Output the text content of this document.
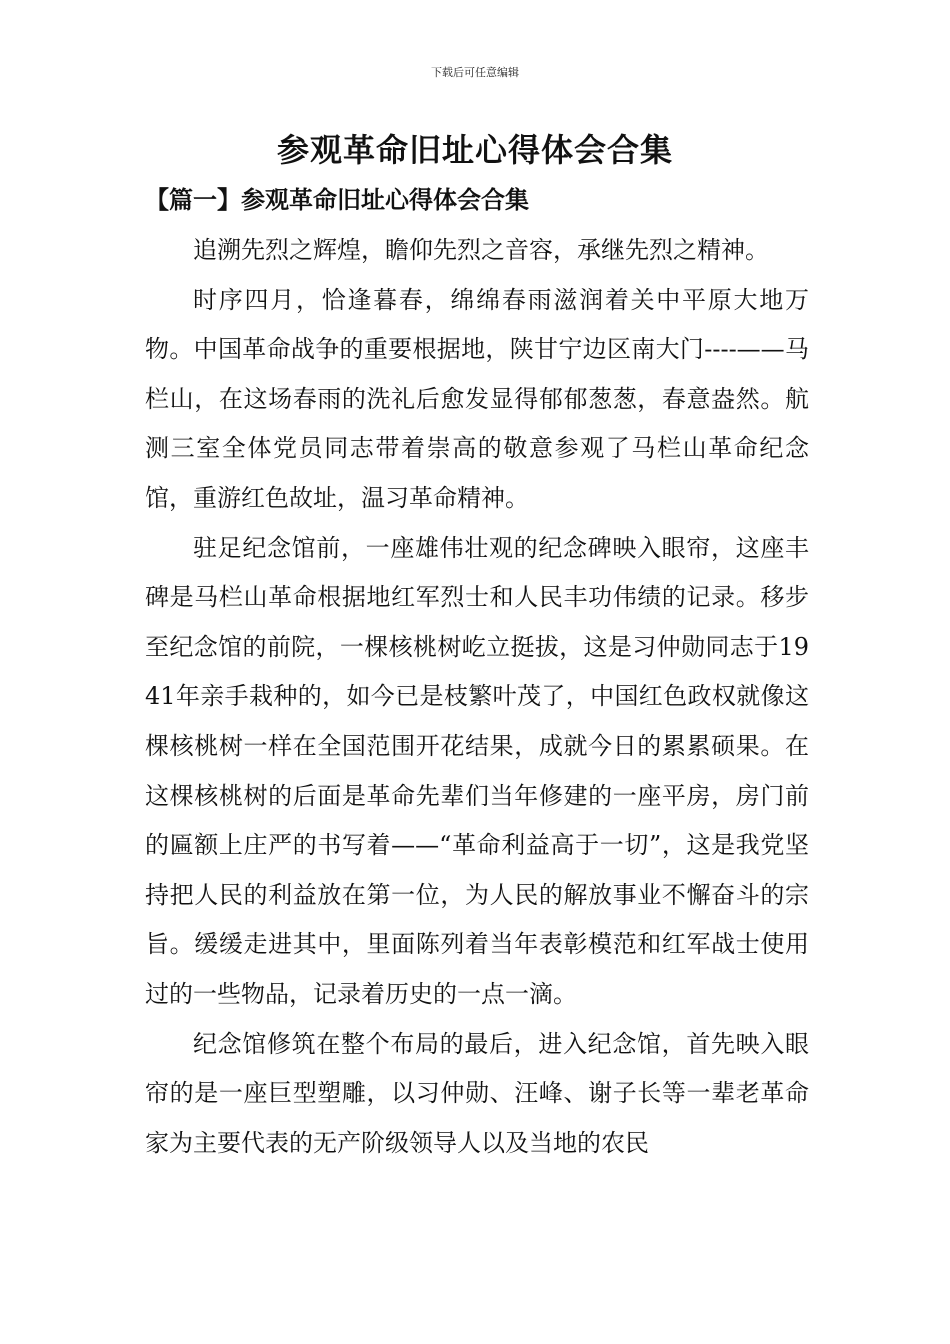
下载后可任意编辑
参观革命旧址心得体会合集
【篇一】参观革命旧址心得体会合集

追溯先烈之辉煌，瞻仰先烈之音容，承继先烈之精神。

时序四月，恰逢暮春，绵绵春雨滋润着关中平原大地万物。中国革命战争的重要根据地，陕甘宁边区南大门----——马栏山，在这场春雨的洗礼后愈发显得郁郁葱葱，春意盎然。航测三室全体党员同志带着崇高的敬意参观了马栏山革命纪念馆，重游红色故址，温习革命精神。

驻足纪念馆前，一座雄伟壮观的纪念碑映入眼帘，这座丰碑是马栏山革命根据地红军烈士和人民丰功伟绩的记录。移步至纪念馆的前院，一棵核桃树屹立挺拔，这是习仲勋同志于1941年亲手栽种的，如今已是枝繁叶茂了，中国红色政权就像这棵核桃树一样在全国范围开花结果，成就今日的累累硕果。在这棵核桃树的后面是革命先辈们当年修建的一座平房，房门前的匾额上庄严的书写着——“革命利益高于一切”，这是我党坚持把人民的利益放在第一位，为人民的解放事业不懈奋斗的宗旨。缓缓走进其中，里面陈列着当年表彰模范和红军战士使用过的一些物品，记录着历史的一点一滴。

纪念馆修筑在整个布局的最后，进入纪念馆，首先映入眼帘的是一座巨型塑雕，以习仲勋、汪峰、谢子长等一辈老革命家为主要代表的无产阶级领导人以及当地的农民
